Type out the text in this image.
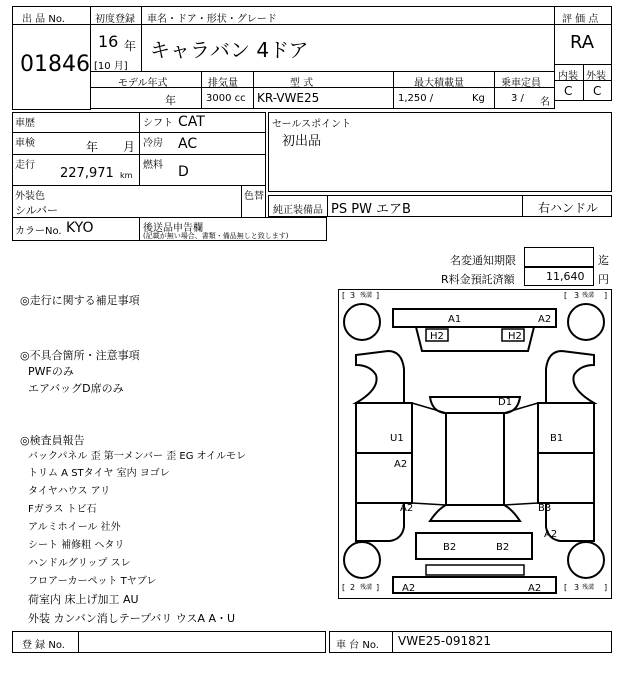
出 品 No.
01846
初度登録 車名・ドア・形状・グレード
16 年
[10 月]
キャラバン 4ドア
評 価 点
RA
内装 外装
C C
モデル年式	排気量	型 式	最大積載量	乗車定員
年	3000 cc KR-VWE25	1,250 /	Kg	3 / 名
車歴
車検	年 月
走行
227,971 km
シフト CAT
冷房 AC
燃料 D
セールスポイント
初出品
外装色
シルバー
色替
純正装備品 PS PW エアB	右ハンドル
カラーNo. KYO	後送品申告欄
(記載が無い場合、書類・備品無しと致します)
名変通知期限	迄
R料金預託済額	11,640 円
◎走行に関する補足事項
◎不具合箇所・注意事項
PWFのみ
エアバッグD席のみ
◎検査員報告
バックパネル 歪 第一メンバー 歪 EG オイルモレ
トリム A STタイヤ 室内 ヨゴレ
タイヤハウス アリ
Fガラス トビ石
アルミホイール 社外
シート 補修粗 ヘタリ
ハンドルグリップ スレ
フロアーカーペット Tヤブレ
荷室内 床上げ加工 AU
外装 カンバン消しテープバリ ウスA A・U
[ 3 残溝 ]	[ 3 残溝 ]
[ 2 残溝 ]	[ 3 残溝 ]
A1	A2
H2	H2
D1
U1	B1
A2
A2	B3
A2
B2	B2
A2	A2
登 録 No.	車 台 No. VWE25-091821
